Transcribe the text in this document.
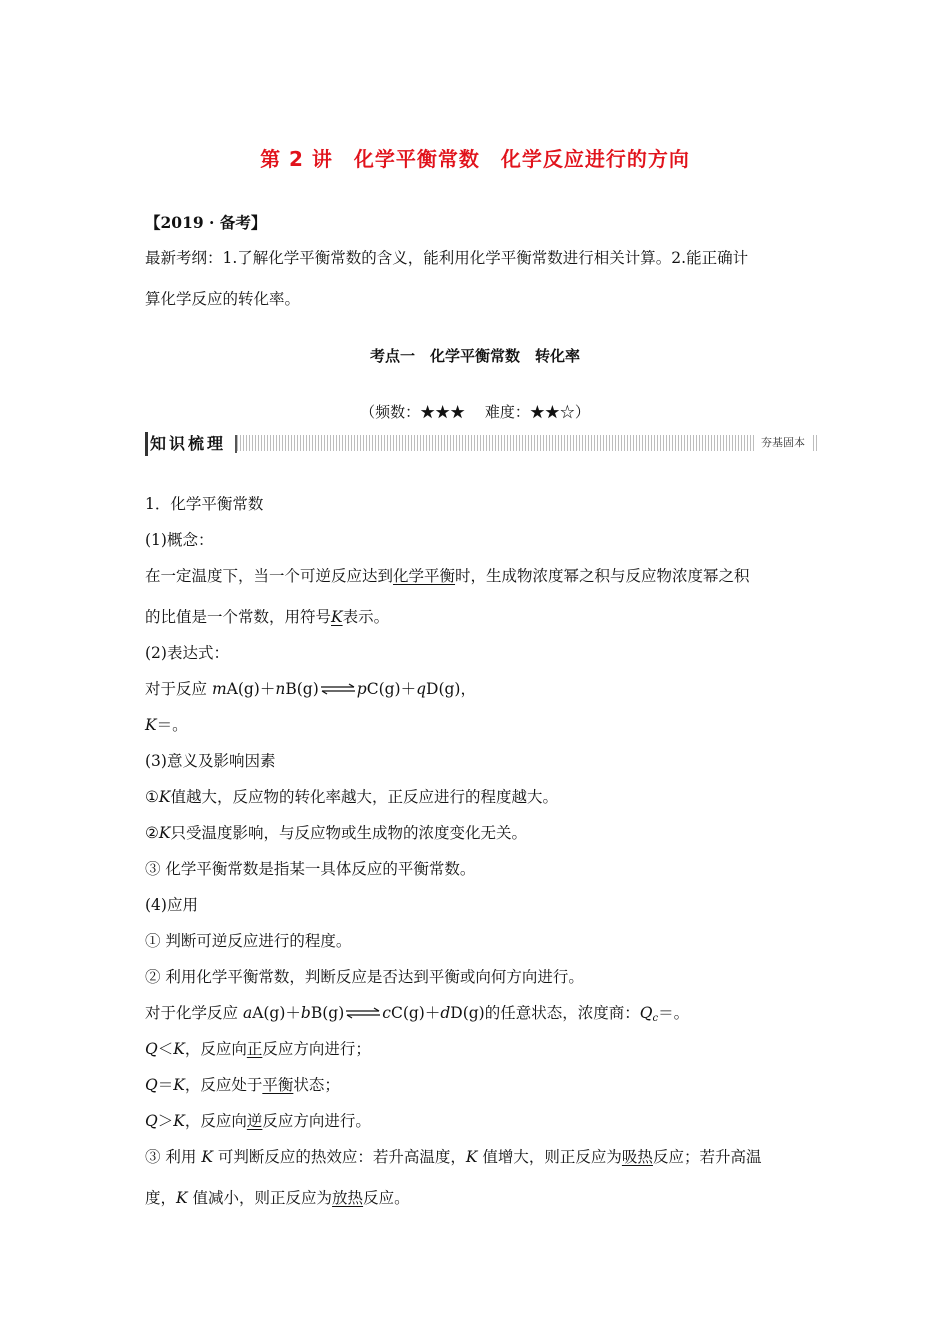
第 2 讲　化学平衡常数　化学反应进行的方向
【2019 · 备考】
最新考纲：1.了解化学平衡常数的含义，能利用化学平衡常数进行相关计算。2.能正确计
算化学反应的转化率。
考点一　化学平衡常数　转化率
（频数：★★★　 难度：★★☆）
知识梳理	夯基固本
1．化学平衡常数
(1)概念：
在一定温度下，当一个可逆反应达到化学平衡时，生成物浓度幂之积与反应物浓度幂之积
的比值是一个常数，用符号K表示。
(2)表达式：
对于反应 mA(g)＋nB(g)⇌pC(g)＋qD(g)，
K＝。
(3)意义及影响因素
①K值越大，反应物的转化率越大，正反应进行的程度越大。
②K只受温度影响，与反应物或生成物的浓度变化无关。
③ 化学平衡常数是指某一具体反应的平衡常数。
(4)应用
① 判断可逆反应进行的程度。
② 利用化学平衡常数，判断反应是否达到平衡或向何方向进行。
对于化学反应 aA(g)＋bB(g)⇌cC(g)＋dD(g)的任意状态，浓度商：$Q_c=$。
Q＜K，反应向正反应方向进行；
Q＝K，反应处于平衡状态；
Q＞K，反应向逆反应方向进行。
③ 利用 K 可判断反应的热效应：若升高温度，K 值增大，则正反应为吸热反应；若升高温
度，K 值减小，则正反应为放热反应。
